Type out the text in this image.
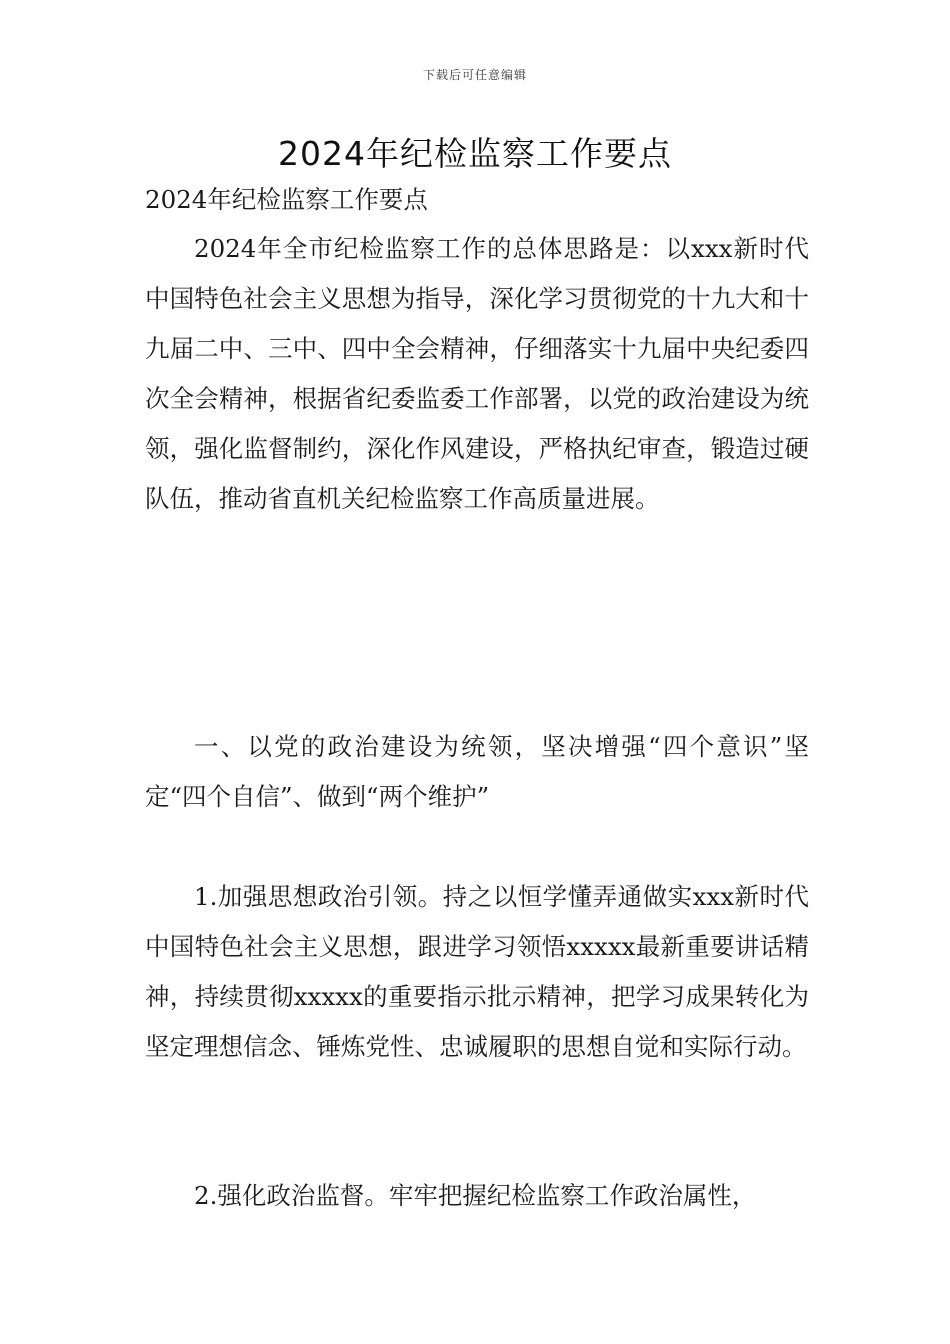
下载后可任意编辑
2024年纪检监察工作要点
2024年纪检监察工作要点

2024年全市纪检监察工作的总体思路是：以xxx新时代中国特色社会主义思想为指导，深化学习贯彻党的十九大和十九届二中、三中、四中全会精神，仔细落实十九届中央纪委四次全会精神，根据省纪委监委工作部署，以党的政治建设为统领，强化监督制约，深化作风建设，严格执纪审查，锻造过硬队伍，推动省直机关纪检监察工作高质量进展。

一、以党的政治建设为统领，坚决增强“四个意识”坚定“四个自信”、做到“两个维护”

1.加强思想政治引领。持之以恒学懂弄通做实xxx新时代中国特色社会主义思想，跟进学习领悟xxxxx最新重要讲话精神，持续贯彻xxxxx的重要指示批示精神，把学习成果转化为坚定理想信念、锤炼党性、忠诚履职的思想自觉和实际行动。

2.强化政治监督。牢牢把握纪检监察工作政治属性，
